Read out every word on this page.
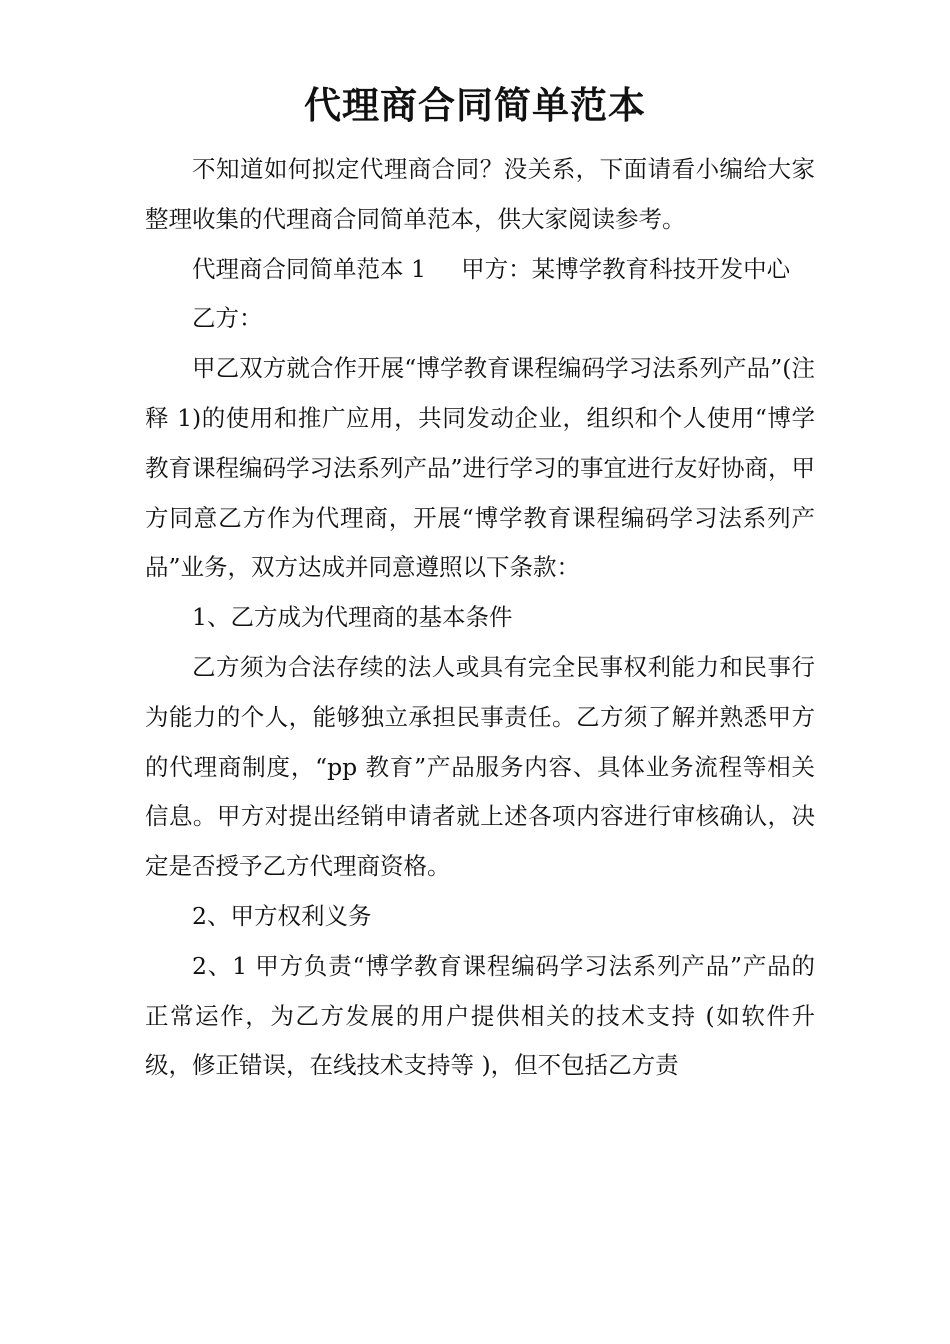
代理商合同简单范本

不知道如何拟定代理商合同？没关系，下面请看小编给大家整理收集的代理商合同简单范本，供大家阅读参考。

代理商合同简单范本 1 甲方：某博学教育科技开发中心

乙方：

甲乙双方就合作开展“博学教育课程编码学习法系列产品”(注释 1)的使用和推广应用，共同发动企业，组织和个人使用“博学教育课程编码学习法系列产品”进行学习的事宜进行友好协商，甲方同意乙方作为代理商，开展“博学教育课程编码学习法系列产品”业务，双方达成并同意遵照以下条款：

1、乙方成为代理商的基本条件

乙方须为合法存续的法人或具有完全民事权利能力和民事行为能力的个人，能够独立承担民事责任。乙方须了解并熟悉甲方的代理商制度，“pp 教育”产品服务内容、具体业务流程等相关信息。甲方对提出经销申请者就上述各项内容进行审核确认，决定是否授予乙方代理商资格。

2、甲方权利义务

2、1 甲方负责“博学教育课程编码学习法系列产品”产品的正常运作，为乙方发展的用户提供相关的技术支持 (如软件升级，修正错误，在线技术支持等 )，但不包括乙方责
